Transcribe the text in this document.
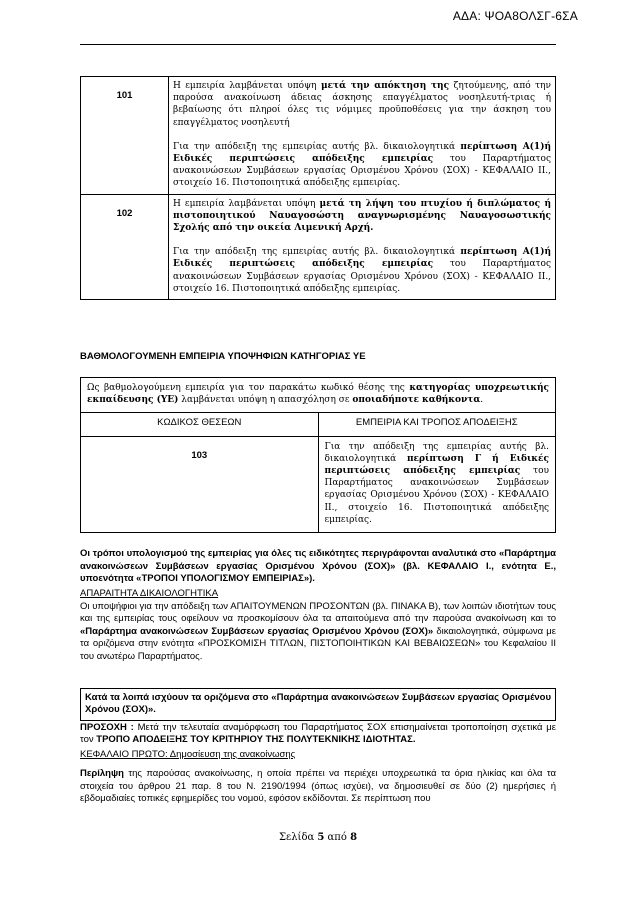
ΑΔΑ: ΨΟΑ8ΟΛΣΓ-6ΣΑ
101	Η εμπειρία λαμβάνεται υπόψη μετά την απόκτηση της ζητούμενης, από την παρούσα ανακοίνωση άδειας άσκησης επαγγέλματος νοσηλευτή-τριας ή βεβαίωσης ότι πληροί όλες τις νόμιμες προϋποθέσεις για την άσκηση του επαγγέλματος νοσηλευτή

Για την απόδειξη της εμπειρίας αυτής βλ. δικαιολογητικά περίπτωση Α(1)ή Ειδικές περιπτώσεις απόδειξης εμπειρίας του Παραρτήματος ανακοινώσεων Συμβάσεων εργασίας Ορισμένου Χρόνου (ΣΟΧ) - ΚΕΦΑΛΑΙΟ ΙΙ., στοιχείο 16. Πιστοποιητικά απόδειξης εμπειρίας.

102	Η εμπειρία λαμβάνεται υπόψη μετά τη λήψη του πτυχίου ή διπλώματος ή πιστοποιητικού Ναυαγοσώστη αναγνωρισμένης Ναυαγοσωστικής Σχολής από την οικεία Λιμενική Αρχή.

Για την απόδειξη της εμπειρίας αυτής βλ. δικαιολογητικά περίπτωση Α(1)ή Ειδικές περιπτώσεις απόδειξης εμπειρίας του Παραρτήματος ανακοινώσεων Συμβάσεων εργασίας Ορισμένου Χρόνου (ΣΟΧ) - ΚΕΦΑΛΑΙΟ ΙΙ., στοιχείο 16. Πιστοποιητικά απόδειξης εμπειρίας.

ΒΑΘΜΟΛΟΓΟΥΜΕΝΗ ΕΜΠΕΙΡΙΑ ΥΠΟΨΗΦΙΩΝ ΚΑΤΗΓΟΡΙΑΣ ΥΕ
Ως βαθμολογούμενη εμπειρία για τον παρακάτω κωδικό θέσης της κατηγορίας υποχρεωτικής εκπαίδευσης (ΥΕ) λαμβάνεται υπόψη η απασχόληση σε οποιαδήποτε καθήκοντα.	
ΚΩΔΙΚΟΣ ΘΕΣΕΩΝ	ΕΜΠΕΙΡΙΑ ΚΑΙ ΤΡΟΠΟΣ ΑΠΟΔΕΙΞΗΣ
103	Για την απόδειξη της εμπειρίας αυτής βλ. δικαιολογητικά περίπτωση Γ ή Ειδικές περιπτώσεις απόδειξης εμπειρίας του Παραρτήματος ανακοινώσεων Συμβάσεων εργασίας Ορισμένου Χρόνου (ΣΟΧ) - ΚΕΦΑΛΑΙΟ ΙΙ., στοιχείο 16. Πιστοποιητικά απόδειξης εμπειρίας.
Οι τρόποι υπολογισμού της εμπειρίας για όλες τις ειδικότητες περιγράφονται αναλυτικά στο «Παράρτημα ανακοινώσεων Συμβάσεων εργασίας Ορισμένου Χρόνου (ΣΟΧ)» (βλ. ΚΕΦΑΛΑΙΟ Ι., ενότητα Ε., υποενότητα «ΤΡΟΠΟΙ ΥΠΟΛΟΓΙΣΜΟΥ ΕΜΠΕΙΡΙΑΣ»).
ΑΠΑΡΑΙΤΗΤΑ ΔΙΚΑΙΟΛΟΓΗΤΙΚΑ
Οι υποψήφιοι για την απόδειξη των ΑΠΑΙΤΟΥΜΕΝΩΝ ΠΡΟΣΟΝΤΩΝ (βλ. ΠΙΝΑΚΑ Β), των λοιπών ιδιοτήτων τους και της εμπειρίας τους οφείλουν να προσκομίσουν όλα τα απαιτούμενα από την παρούσα ανακοίνωση και το «Παράρτημα ανακοινώσεων Συμβάσεων εργασίας Ορισμένου Χρόνου (ΣΟΧ)» δικαιολογητικά, σύμφωνα με τα οριζόμενα στην ενότητα «ΠΡΟΣΚΟΜΙΣΗ ΤΙΤΛΩΝ, ΠΙΣΤΟΠΟΙΗΤΙΚΩΝ ΚΑΙ ΒΕΒΑΙΩΣΕΩΝ» του Κεφαλαίου ΙΙ του ανωτέρω Παραρτήματος.
Κατά τα λοιπά ισχύουν τα οριζόμενα στο «Παράρτημα ανακοινώσεων Συμβάσεων εργασίας Ορισμένου Χρόνου (ΣΟΧ)».
ΠΡΟΣΟΧΗ : Μετά την τελευταία αναμόρφωση του Παραρτήματος ΣΟΧ επισημαίνεται τροποποίηση σχετικά με τον ΤΡΟΠΟ ΑΠΟΔΕΙΞΗΣ ΤΟΥ ΚΡΙΤΗΡΙΟΥ ΤΗΣ ΠΟΛΥΤΕΚΝΙΚΗΣ ΙΔΙΟΤΗΤΑΣ.
ΚΕΦΑΛΑΙΟ ΠΡΩΤΟ: Δημοσίευση της ανακοίνωσης
Περίληψη της παρούσας ανακοίνωσης, η οποία πρέπει να περιέχει υποχρεωτικά τα όρια ηλικίας και όλα τα στοιχεία του άρθρου 21 παρ. 8 του Ν. 2190/1994 (όπως ισχύει), να δημοσιευθεί σε δύο (2) ημερήσιες ή εβδομαδιαίες τοπικές εφημερίδες του νομού, εφόσον εκδίδονται. Σε περίπτωση που
Σελίδα 5 από 8
